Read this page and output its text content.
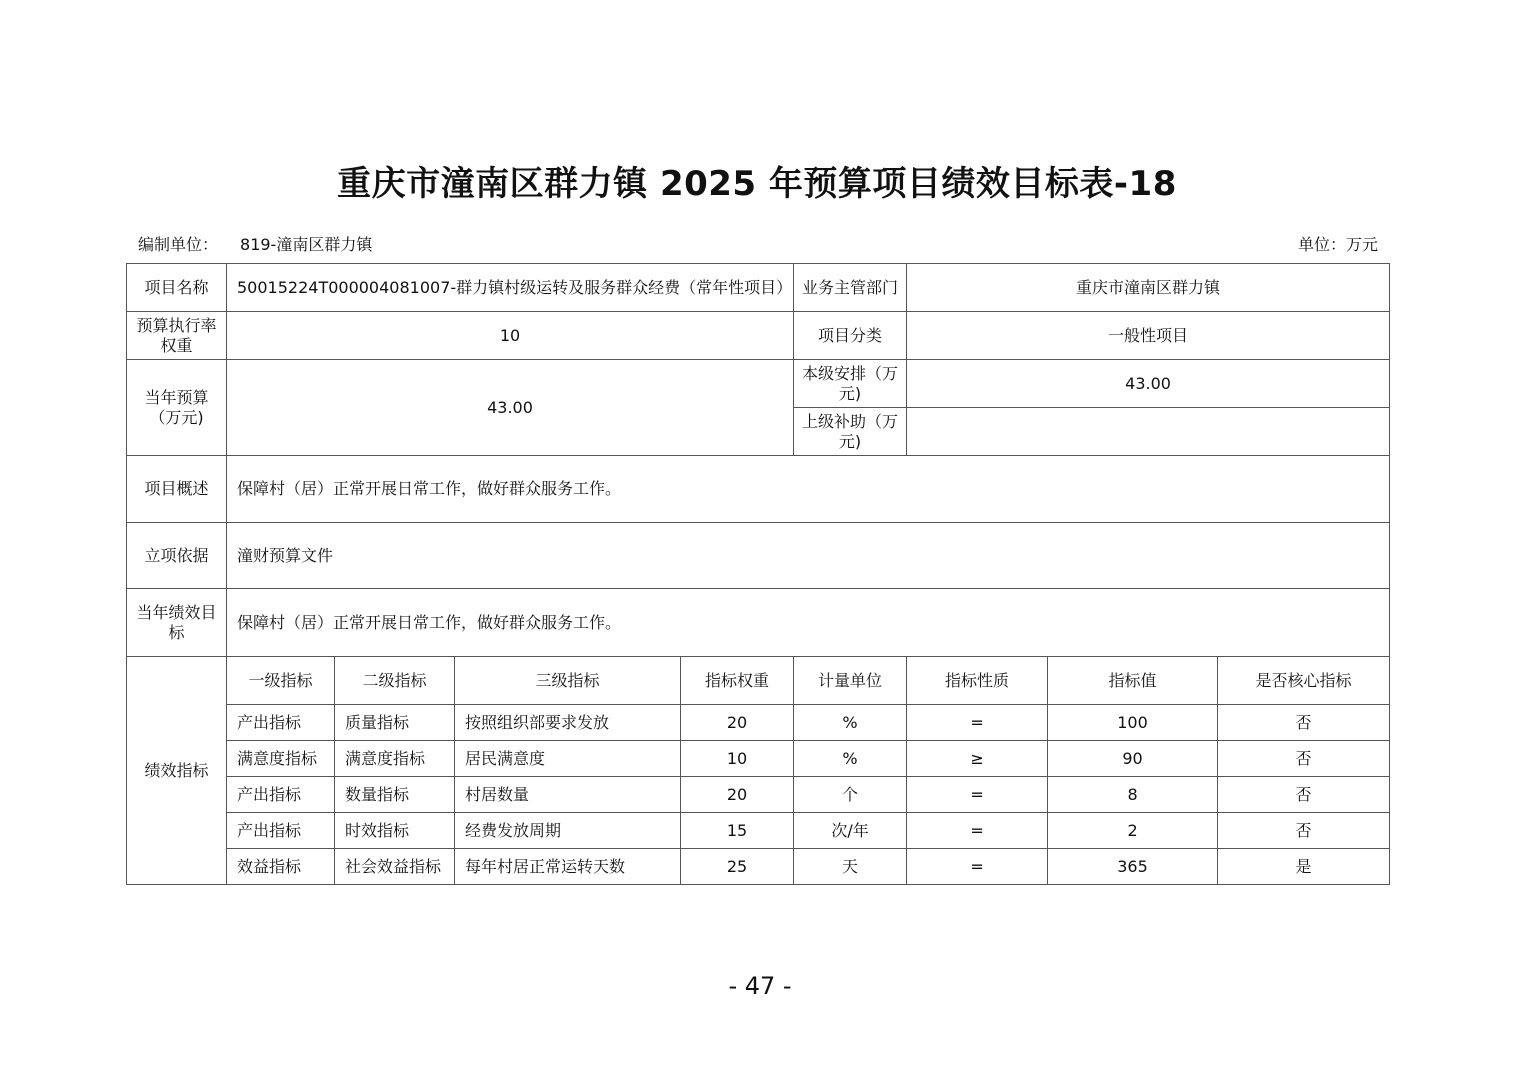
重庆市潼南区群力镇 2025 年预算项目绩效目标表-18
编制单位： 819-潼南区群力镇	单位：万元
项目名称	50015224T000004081007-群力镇村级运转及服务群众经费（常年性项目）				业务主管部门	重庆市潼南区群力镇		
预算执行率权重	10				项目分类	一般性项目		
当年预算（万元)	43.00				本级安排（万元)	43.00		
					上级补助（万元)			
项目概述	保障村（居）正常开展日常工作，做好群众服务工作。							
立项依据	潼财预算文件							
当年绩效目标	保障村（居）正常开展日常工作，做好群众服务工作。							
绩效指标	一级指标	二级指标	三级指标	指标权重	计量单位	指标性质	指标值	是否核心指标
	产出指标	质量指标	按照组织部要求发放	20	%	=	100	否
	满意度指标	满意度指标	居民满意度	10	%	≥	90	否
	产出指标	数量指标	村居数量	20	个	=	8	否
	产出指标	时效指标	经费发放周期	15	次/年	=	2	否
	效益指标	社会效益指标	每年村居正常运转天数	25	天	=	365	是
- 47 -
